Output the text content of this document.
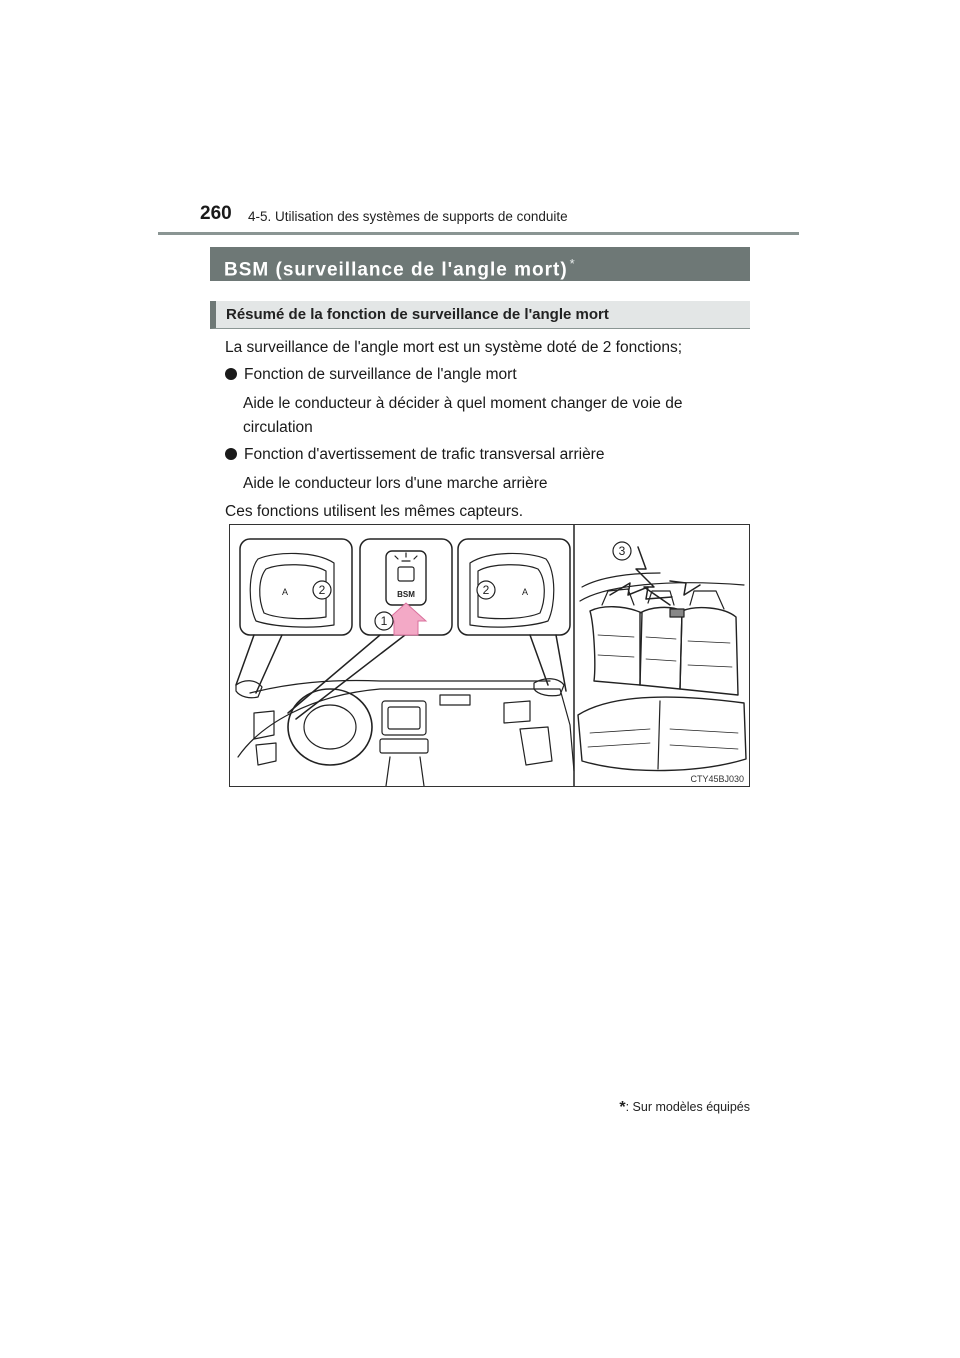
260 4-5. Utilisation des systèmes de supports de conduite
BSM (surveillance de l'angle mort) *
Résumé de la fonction de surveillance de l'angle mort

La surveillance de l'angle mort est un système doté de 2 fonctions;

Fonction de surveillance de l'angle mort

Aide le conducteur à décider à quel moment changer de voie de circulation

Fonction d'avertissement de trafic transversal arrière

Aide le conducteur lors d'une marche arrière

Ces fonctions utilisent les mêmes capteurs.

BSM
A	A
1
2	2
3
CTY45BJ030
*: Sur modèles équipés
